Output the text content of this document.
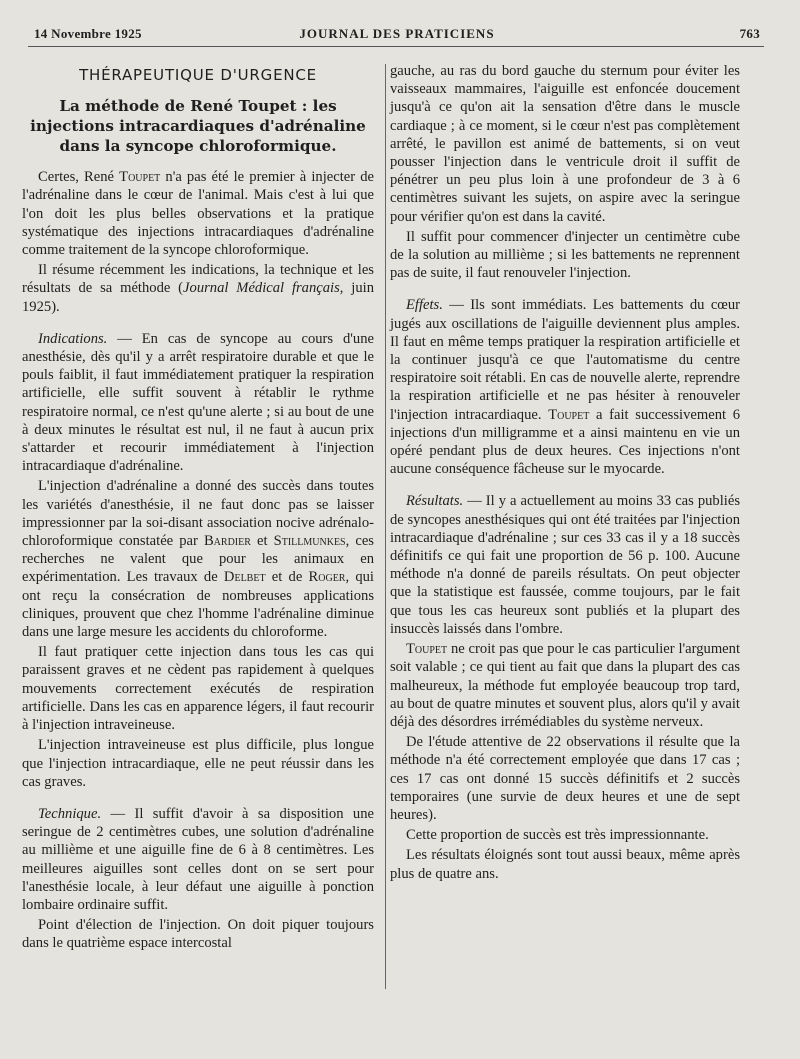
14 Novembre 1925	JOURNAL DES PRATICIENS	763
THÉRAPEUTIQUE D'URGENCE
La méthode de René Toupet : les injections intracardiaques d'adrénaline dans la syncope chloroformique.

Certes, René Toupet n'a pas été le premier à injecter de l'adrénaline dans le cœur de l'animal. Mais c'est à lui que l'on doit les plus belles observations et la pratique systématique des injections intracardiaques d'adrénaline comme traitement de la syncope chloroformique.

Il résume récemment les indications, la technique et les résultats de sa méthode (Journal Médical français, juin 1925).

Indications. — En cas de syncope au cours d'une anesthésie, dès qu'il y a arrêt respiratoire durable et que le pouls faiblit, il faut immédiatement pratiquer la respiration artificielle, elle suffit souvent à rétablir le rythme respiratoire normal, ce n'est qu'une alerte ; si au bout de une à deux minutes le résultat est nul, il ne faut à aucun prix s'attarder et recourir immédiatement à l'injection intracardiaque d'adrénaline.

L'injection d'adrénaline a donné des succès dans toutes les variétés d'anesthésie, il ne faut donc pas se laisser impressionner par la soi-disant association nocive adrénalo-chloroformique constatée par Bardier et Stillmunkes, ces recherches ne valent que pour les animaux en expérimentation. Les travaux de Delbet et de Roger, qui ont reçu la consécration de nombreuses applications cliniques, prouvent que chez l'homme l'adrénaline diminue dans une large mesure les accidents du chloroforme.

Il faut pratiquer cette injection dans tous les cas qui paraissent graves et ne cèdent pas rapidement à quelques mouvements correctement exécutés de respiration artificielle. Dans les cas en apparence légers, il faut recourir à l'injection intraveineuse.

L'injection intraveineuse est plus difficile, plus longue que l'injection intracardiaque, elle ne peut réussir dans les cas graves.

Technique. — Il suffit d'avoir à sa disposition une seringue de 2 centimètres cubes, une solution d'adrénaline au millième et une aiguille fine de 6 à 8 centimètres. Les meilleures aiguilles sont celles dont on se sert pour l'anesthésie locale, à leur défaut une aiguille à ponction lombaire ordinaire suffit.

Point d'élection de l'injection. On doit piquer toujours dans le quatrième espace intercostal

gauche, au ras du bord gauche du sternum pour éviter les vaisseaux mammaires, l'aiguille est enfoncée doucement jusqu'à ce qu'on ait la sensation d'être dans le muscle cardiaque ; à ce moment, si le cœur n'est pas complètement arrêté, le pavillon est animé de battements, si on veut pousser l'injection dans le ventricule droit il suffit de pénétrer un peu plus loin à une profondeur de 3 à 6 centimètres suivant les sujets, on aspire avec la seringue pour vérifier qu'on est dans la cavité.

Il suffit pour commencer d'injecter un centimètre cube de la solution au millième ; si les battements ne reprennent pas de suite, il faut renouveler l'injection.

Effets. — Ils sont immédiats. Les battements du cœur jugés aux oscillations de l'aiguille deviennent plus amples. Il faut en même temps pratiquer la respiration artificielle et la continuer jusqu'à ce que l'automatisme du centre respiratoire soit rétabli. En cas de nouvelle alerte, reprendre la respiration artificielle et ne pas hésiter à renouveler l'injection intracardiaque. Toupet a fait successivement 6 injections d'un milligramme et a ainsi maintenu en vie un opéré pendant plus de deux heures. Ces injections n'ont aucune conséquence fâcheuse sur le myocarde.

Résultats. — Il y a actuellement au moins 33 cas publiés de syncopes anesthésiques qui ont été traitées par l'injection intracardiaque d'adrénaline ; sur ces 33 cas il y a 18 succès définitifs ce qui fait une proportion de 56 p. 100. Aucune méthode n'a donné de pareils résultats. On peut objecter que la statistique est faussée, comme toujours, par le fait que tous les cas heureux sont publiés et la plupart des insuccès laissés dans l'ombre.

Toupet ne croit pas que pour le cas particulier l'argument soit valable ; ce qui tient au fait que dans la plupart des cas malheureux, la méthode fut employée beaucoup trop tard, au bout de quatre minutes et souvent plus, alors qu'il y avait déjà des désordres irrémédiables du système nerveux.

De l'étude attentive de 22 observations il résulte que la méthode n'a été correctement employée que dans 17 cas ; ces 17 cas ont donné 15 succès définitifs et 2 succès temporaires (une survie de deux heures et une de sept heures).

Cette proportion de succès est très impressionnante.

Les résultats éloignés sont tout aussi beaux, même après plus de quatre ans.
